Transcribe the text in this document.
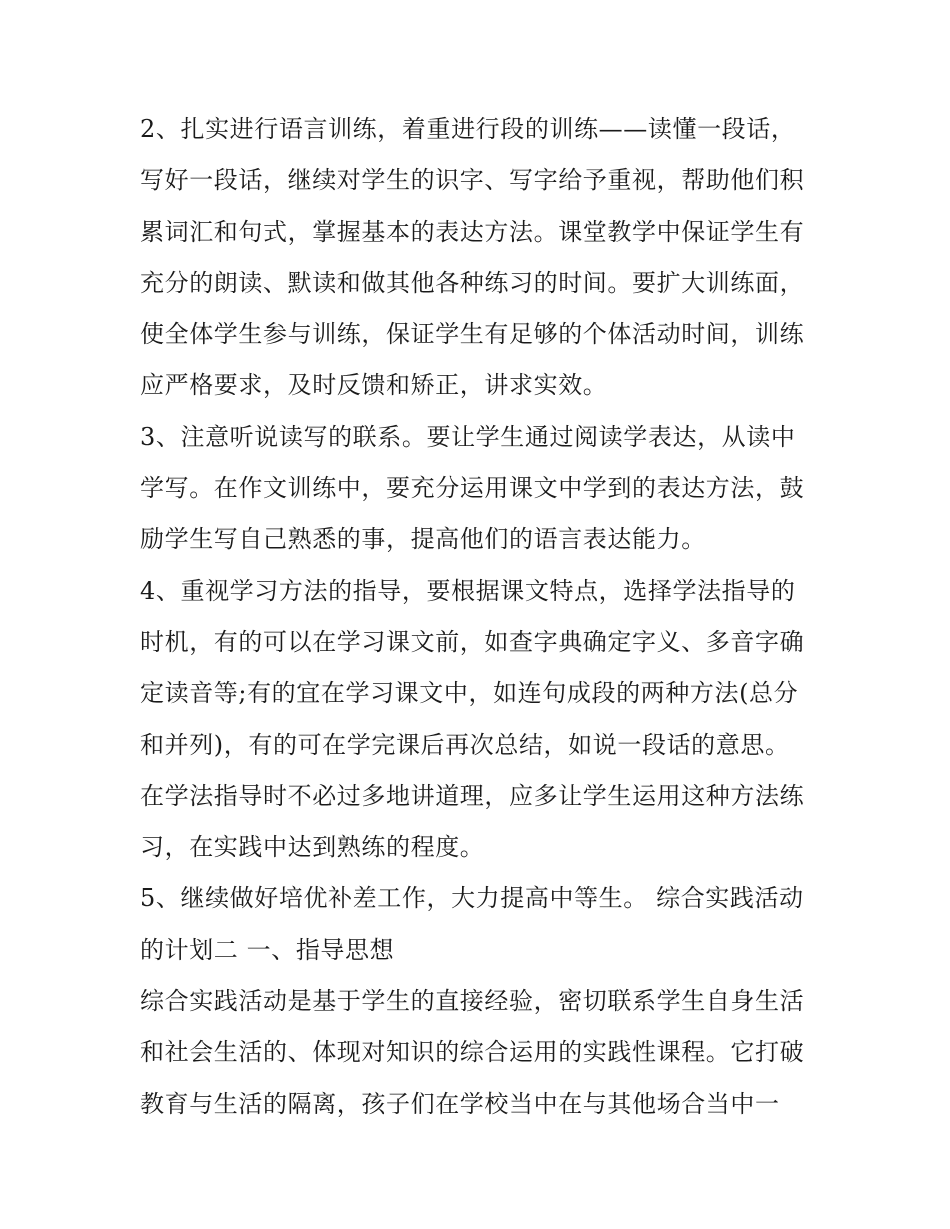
2、扎实进行语言训练，着重进行段的训练——读懂一段话，
写好一段话，继续对学生的识字、写字给予重视，帮助他们积
累词汇和句式，掌握基本的表达方法。课堂教学中保证学生有
充分的朗读、默读和做其他各种练习的时间。要扩大训练面，
使全体学生参与训练，保证学生有足够的个体活动时间，训练
应严格要求，及时反馈和矫正，讲求实效。
3、注意听说读写的联系。要让学生通过阅读学表达，从读中
学写。在作文训练中，要充分运用课文中学到的表达方法，鼓
励学生写自己熟悉的事，提高他们的语言表达能力。
4、重视学习方法的指导，要根据课文特点，选择学法指导的
时机，有的可以在学习课文前，如查字典确定字义、多音字确
定读音等;有的宜在学习课文中，如连句成段的两种方法(总分
和并列)，有的可在学完课后再次总结，如说一段话的意思。
在学法指导时不必过多地讲道理，应多让学生运用这种方法练
习，在实践中达到熟练的程度。
5、继续做好培优补差工作，大力提高中等生。 综合实践活动
的计划二 一、指导思想
综合实践活动是基于学生的直接经验，密切联系学生自身生活
和社会生活的、体现对知识的综合运用的实践性课程。它打破
教育与生活的隔离，孩子们在学校当中在与其他场合当中一
